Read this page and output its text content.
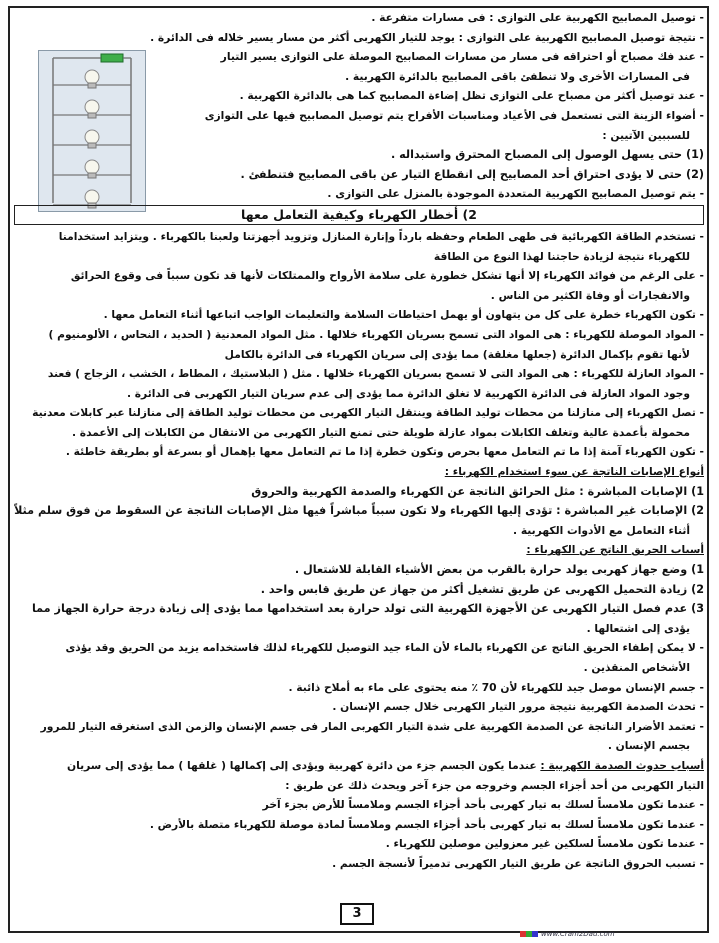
- توصيل المصابيح الكهربية على التوازى : فى مسارات متفرعة .
- نتيجة توصيل المصابيح الكهربية على التوازى : يوجد للتيار الكهربى أكثر من مسار يسير خلاله فى الدائرة .
- عند فك مصباح أو احتراقه فى مسار من مسارات المصابيح الموصلة على التوازى يسير التيار
فى المسارات الأخرى ولا تنطفئ باقى المصابيح بالدائرة الكهربية .
- عند توصيل أكثر من مصباح على التوازى تظل إضاءة المصابيح كما هى بالدائرة الكهربية .
- أضواء الزينة التى تستعمل فى الأعياد ومناسبات الأفراح يتم توصيل المصابيح فيها على التوازى
للسببين الآتيين :
(1) حتى يسهل الوصول إلى المصباح المحترق واستبداله .
(2) حتى لا يؤدى احتراق أحد المصابيح إلى انقطاع التيار عن باقى المصابيح فتنطفئ .
- يتم توصيل المصابيح الكهربية المتعددة الموجودة بالمنزل على التوازى .
2) أخطار الكهرباء وكيفية التعامل معها
- تستخدم الطاقة الكهربائية فى طهى الطعام وحفظه بارداً وإنارة المنازل وتزويد أجهزتنا ولعبنا بالكهرباء . ويتزايد استخدامنا
للكهرباء نتيجة لزيادة حاجتنا لهذا النوع من الطاقة
- على الرغم من فوائد الكهرباء إلا أنها تشكل خطورة على سلامة الأرواح والممتلكات لأنها قد تكون سبباً فى وقوع الحرائق
والانفجارات أو وفاة الكثير من الناس .
- تكون الكهرباء خطرة على كل من يتهاون أو يهمل احتياطات السلامة والتعليمات الواجب اتباعها أثناء التعامل معها .
- المواد الموصلة للكهرباء : هى المواد التى تسمح بسريان الكهرباء خلالها . مثل المواد المعدنية ( الحديد ، النحاس ، الألومنيوم )
لأنها تقوم بإكمال الدائرة (جعلها مغلقة) مما يؤدى إلى سريان الكهرباء فى الدائرة بالكامل
- المواد العازلة للكهرباء : هى المواد التى لا تسمح بسريان الكهرباء خلالها . مثل ( البلاستيك ، المطاط ، الخشب ، الزجاج ) فعند
وجود المواد العازلة فى الدائرة الكهربية لا تغلق الدائرة مما يؤدى إلى عدم سريان التيار الكهربى فى الدائرة .
- تصل الكهرباء إلى منازلنا من محطات توليد الطاقة وينتقل التيار الكهربى من محطات توليد الطاقة إلى منازلنا عبر كابلات معدنية
محمولة بأعمدة عالية وتغلف الكابلات بمواد عازلة طويلة حتى تمنع التيار الكهربى من الانتقال من الكابلات إلى الأعمدة .
- تكون الكهرباء آمنة إذا ما تم التعامل معها بحرص وتكون خطرة إذا ما تم التعامل معها بإهمال أو بسرعة أو بطريقة خاطئة .
أنواع الإصابات الناتجة عن سوء استخدام الكهرباء :
1) الإصابات المباشرة : مثل الحرائق الناتجة عن الكهرباء والصدمة الكهربية والحروق
2) الإصابات غير المباشرة : تؤدى إليها الكهرباء ولا تكون سبباً مباشراً فيها مثل الإصابات الناتجة عن السقوط من فوق سلم مثلاً
أثناء التعامل مع الأدوات الكهربية .
أسباب الحريق الناتج عن الكهرباء :
1) وضع جهاز كهربى يولد حرارة بالقرب من بعض الأشياء القابلة للاشتعال .
2) زيادة التحميل الكهربى عن طريق تشغيل أكثر من جهاز عن طريق قابس واحد .
3) عدم فصل التيار الكهربى عن الأجهزة الكهربية التى تولد حرارة بعد استخدامها مما يؤدى إلى زيادة درجة حرارة الجهاز مما
يؤدى إلى اشتعالها .
- لا يمكن إطفاء الحريق الناتج عن الكهرباء بالماء لأن الماء جيد التوصيل للكهرباء لذلك فاستخدامه يزيد من الحريق وقد يؤذى
الأشخاص المنقذين .
- جسم الإنسان موصل جيد للكهرباء لأن 70 ٪ منه يحتوى على ماء به أملاح ذائبة .
- تحدث الصدمة الكهربية نتيجة مرور التيار الكهربى خلال جسم الإنسان .
- تعتمد الأضرار الناتجة عن الصدمة الكهربية على شدة التيار الكهربى المار فى جسم الإنسان والزمن الذى استغرقه التيار للمرور
بجسم الإنسان .
أسباب حدوث الصدمة الكهربية : عندما يكون الجسم جزء من دائرة كهربية ويؤدى إلى إكمالها ( غلقها ) مما يؤدى إلى سريان
التيار الكهربى من أحد أجزاء الجسم وخروجه من جزء آخر ويحدث ذلك عن طريق :
- عندما تكون ملامساً لسلك به تيار كهربى بأحد أجزاء الجسم وملامساً للأرض بجزء آخر
- عندما تكون ملامساً لسلك به تيار كهربى بأحد أجزاء الجسم وملامساً لمادة موصلة للكهرباء متصلة بالأرض .
- عندما تكون ملامساً لسلكين غير معزولين موصلين للكهرباء .
- تسبب الحروق الناتجة عن طريق التيار الكهربى تدميراً لأنسجة الجسم .
3
www.Cram2Dau.com
